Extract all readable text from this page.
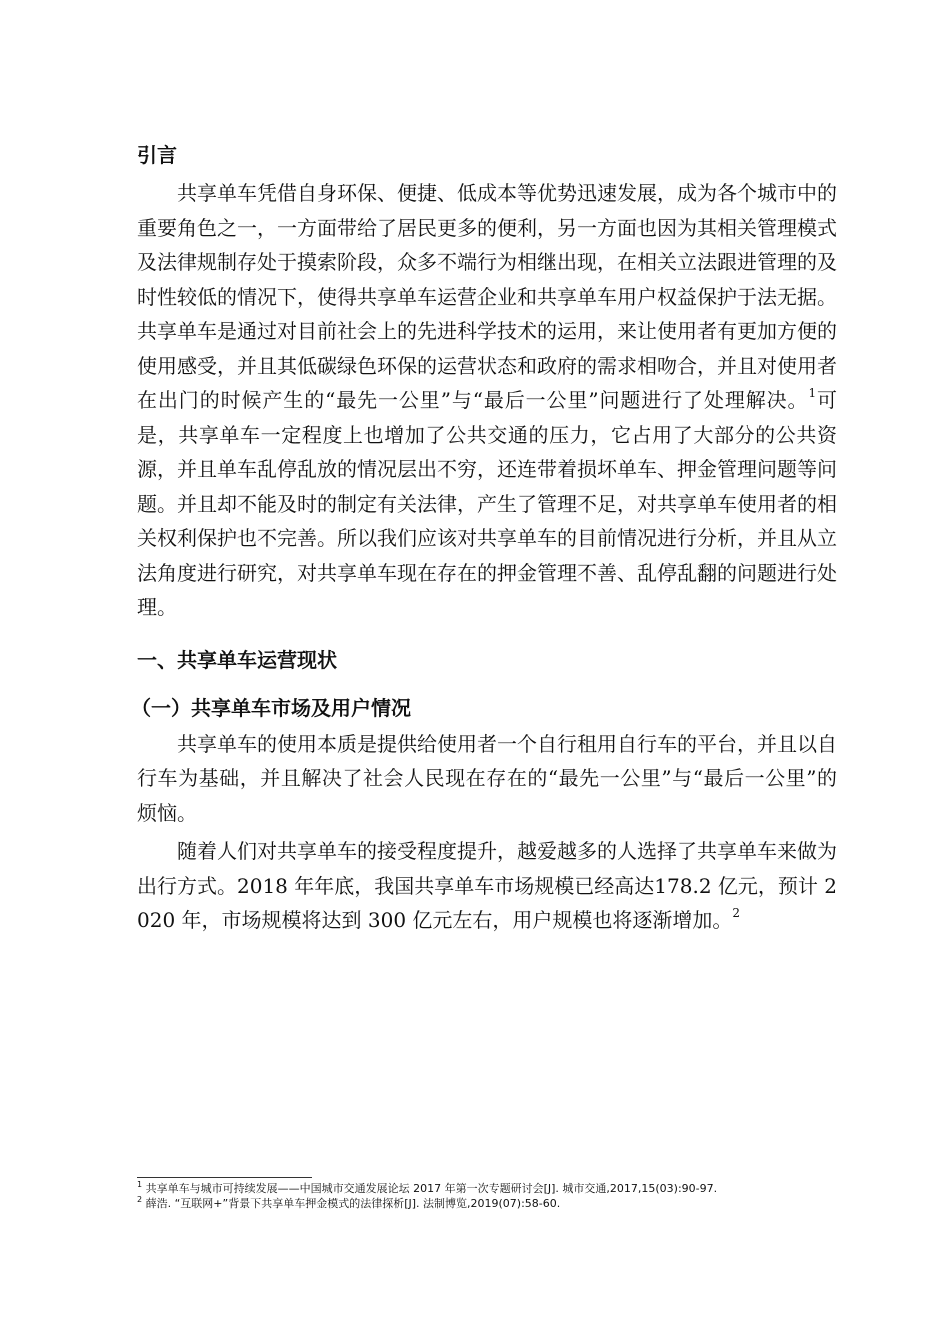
引言

共享单车凭借自身环保、便捷、低成本等优势迅速发展，成为各个城市中的重要角色之一，一方面带给了居民更多的便利，另一方面也因为其相关管理模式及法律规制存处于摸索阶段，众多不端行为相继出现，在相关立法跟进管理的及时性较低的情况下，使得共享单车运营企业和共享单车用户权益保护于法无据。共享单车是通过对目前社会上的先进科学技术的运用，来让使用者有更加方便的使用感受，并且其低碳绿色环保的运营状态和政府的需求相吻合，并且对使用者在出门的时候产生的“最先一公里”与“最后一公里”问题进行了处理解决。$^1$可是，共享单车一定程度上也增加了公共交通的压力，它占用了大部分的公共资源，并且单车乱停乱放的情况层出不穷，还连带着损坏单车、押金管理问题等问题。并且却不能及时的制定有关法律，产生了管理不足，对共享单车使用者的相关权利保护也不完善。所以我们应该对共享单车的目前情况进行分析，并且从立法角度进行研究，对共享单车现在存在的押金管理不善、乱停乱翻的问题进行处理。

一、共享单车运营现状
（一）共享单车市场及用户情况

共享单车的使用本质是提供给使用者一个自行租用自行车的平台，并且以自行车为基础，并且解决了社会人民现在存在的“最先一公里”与“最后一公里”的烦恼。

随着人们对共享单车的接受程度提升，越爱越多的人选择了共享单车来做为出行方式。2018 年年底，我国共享单车市场规模已经高达178.2 亿元，预计 2020 年，市场规模将达到 300 亿元左右，用户规模也将逐渐增加。$^2$

$^1$ 共享单车与城市可持续发展——中国城市交通发展论坛 2017 年第一次专题研讨会[J]. 城市交通,2017,15(03):90-97.

$^2$ 薛浩. “互联网+”背景下共享单车押金模式的法律探析[J]. 法制博览,2019(07):58-60.
